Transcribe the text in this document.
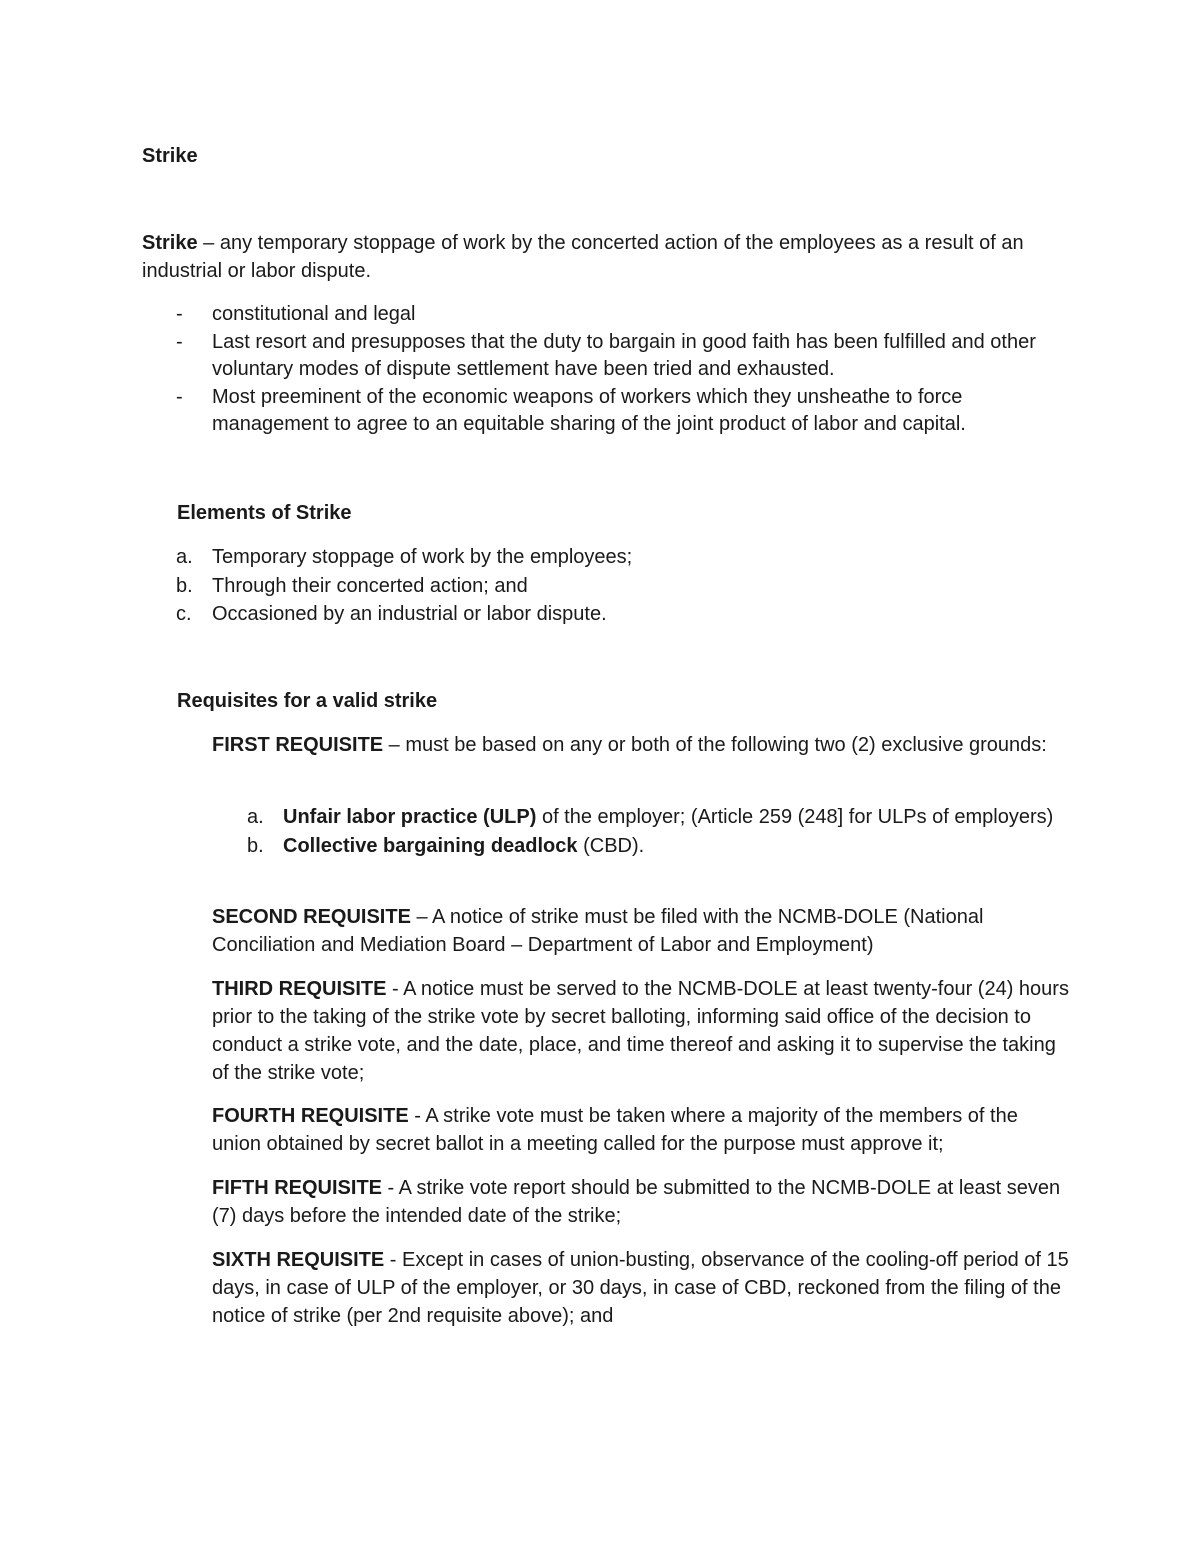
Strike

Strike – any temporary stoppage of work by the concerted action of the employees as a result of an industrial or labor dispute.

- constitutional and legal
- Last resort and presupposes that the duty to bargain in good faith has been fulfilled and other voluntary modes of dispute settlement have been tried and exhausted.
- Most preeminent of the economic weapons of workers which they unsheathe to force management to agree to an equitable sharing of the joint product of labor and capital.
Elements of Strike
a. Temporary stoppage of work by the employees;
b. Through their concerted action; and
c. Occasioned by an industrial or labor dispute.
Requisites for a valid strike

FIRST REQUISITE – must be based on any or both of the following two (2) exclusive grounds:

a. Unfair labor practice (ULP) of the employer; (Article 259 (248] for ULPs of employers)
b. Collective bargaining deadlock (CBD).

SECOND REQUISITE – A notice of strike must be filed with the NCMB-DOLE (National Conciliation and Mediation Board – Department of Labor and Employment)

THIRD REQUISITE - A notice must be served to the NCMB-DOLE at least twenty-four (24) hours prior to the taking of the strike vote by secret balloting, informing said office of the decision to conduct a strike vote, and the date, place, and time thereof and asking it to supervise the taking of the strike vote;

FOURTH REQUISITE - A strike vote must be taken where a majority of the members of the union obtained by secret ballot in a meeting called for the purpose must approve it;

FIFTH REQUISITE - A strike vote report should be submitted to the NCMB-DOLE at least seven (7) days before the intended date of the strike;

SIXTH REQUISITE - Except in cases of union-busting, observance of the cooling-off period of 15 days, in case of ULP of the employer, or 30 days, in case of CBD, reckoned from the filing of the notice of strike (per 2nd requisite above); and
